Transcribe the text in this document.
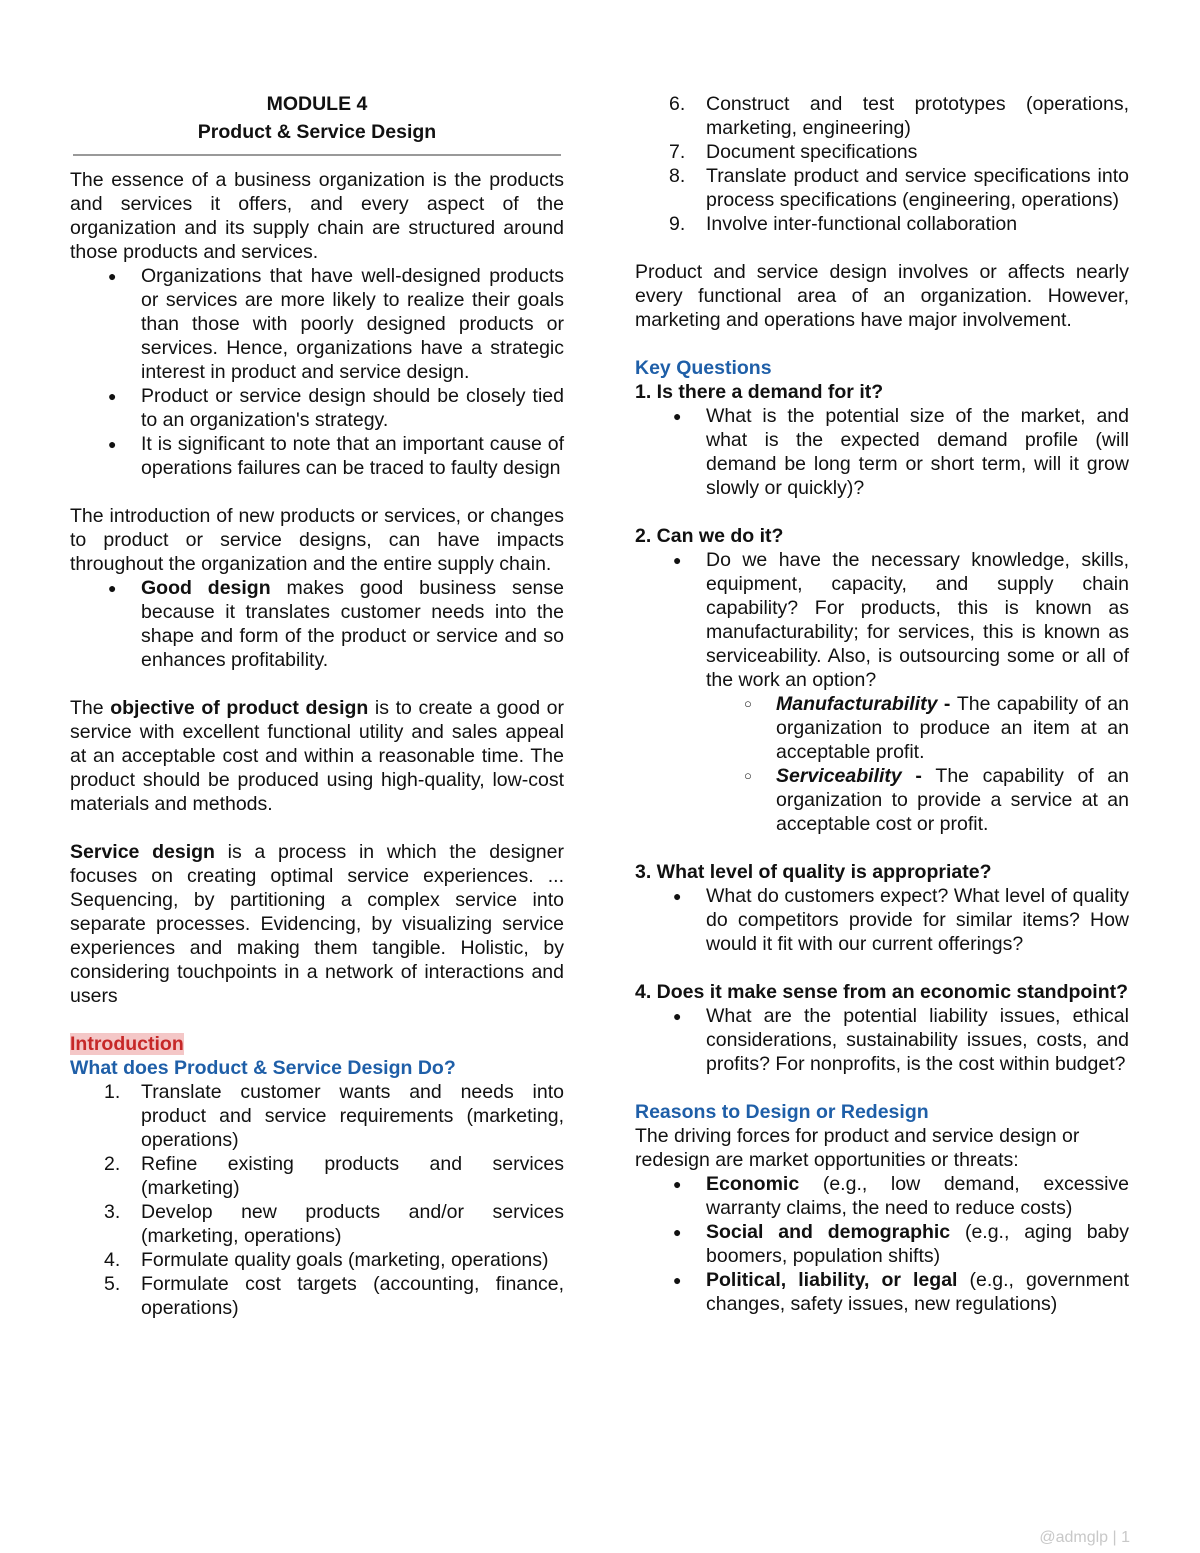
MODULE 4

Product & Service Design

The essence of a business organization is the products and services it offers, and every aspect of the organization and its supply chain are structured around those products and services.

● Organizations that have well-designed products or services are more likely to realize their goals than those with poorly designed products or services. Hence, organizations have a strategic interest in product and service design.
● Product or service design should be closely tied to an organization's strategy.
● It is significant to note that an important cause of operations failures can be traced to faulty design

The introduction of new products or services, or changes to product or service designs, can have impacts throughout the organization and the entire supply chain.

● Good design makes good business sense because it translates customer needs into the shape and form of the product or service and so enhances profitability.

The objective of product design is to create a good or service with excellent functional utility and sales appeal at an acceptable cost and within a reasonable time. The product should be produced using high-quality, low-cost materials and methods.

Service design is a process in which the designer focuses on creating optimal service experiences. ... Sequencing, by partitioning a complex service into separate processes. Evidencing, by visualizing service experiences and making them tangible. Holistic, by considering touchpoints in a network of interactions and users

Introduction

What does Product & Service Design Do?

1. Translate customer wants and needs into product and service requirements (marketing, operations)
2. Refine existing products and services (marketing)
3. Develop new products and/or services (marketing, operations)
4. Formulate quality goals (marketing, operations)
5. Formulate cost targets (accounting, finance, operations)
6. Construct and test prototypes (operations, marketing, engineering)
7. Document specifications
8. Translate product and service specifications into process specifications (engineering, operations)
9. Involve inter-functional collaboration

Product and service design involves or affects nearly every functional area of an organization. However, marketing and operations have major involvement.

Key Questions

1. Is there a demand for it?

● What is the potential size of the market, and what is the expected demand profile (will demand be long term or short term, will it grow slowly or quickly)?

2. Can we do it?

● Do we have the necessary knowledge, skills, equipment, capacity, and supply chain capability? For products, this is known as manufacturability; for services, this is known as serviceability. Also, is outsourcing some or all of the work an option?
○ Manufacturability - The capability of an organization to produce an item at an acceptable profit.
○ Serviceability - The capability of an organization to provide a service at an acceptable cost or profit.

3. What level of quality is appropriate?

● What do customers expect? What level of quality do competitors provide for similar items? How would it fit with our current offerings?

4. Does it make sense from an economic standpoint?

● What are the potential liability issues, ethical considerations, sustainability issues, costs, and profits? For nonprofits, is the cost within budget?

Reasons to Design or Redesign

The driving forces for product and service design or redesign are market opportunities or threats:

● Economic (e.g., low demand, excessive warranty claims, the need to reduce costs)
● Social and demographic (e.g., aging baby boomers, population shifts)
● Political, liability, or legal (e.g., government changes, safety issues, new regulations)
@admglp | 1
